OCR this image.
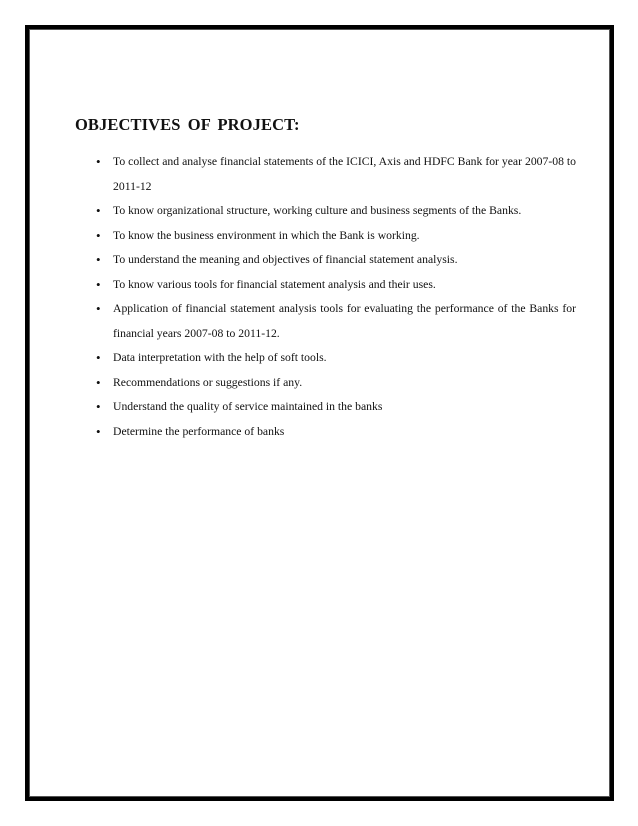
OBJECTIVES OF PROJECT:
• To collect and analyse financial statements of the ICICI, Axis and HDFC Bank for year 2007-08 to 2011-12
• To know organizational structure, working culture and business segments of the Banks.
• To know the business environment in which the Bank is working.
• To understand the meaning and objectives of financial statement analysis.
• To know various tools for financial statement analysis and their uses.
• Application of financial statement analysis tools for evaluating the performance of the Banks for financial years 2007-08 to 2011-12.
• Data interpretation with the help of soft tools.
• Recommendations or suggestions if any.
• Understand the quality of service maintained in the banks
• Determine the performance of banks
